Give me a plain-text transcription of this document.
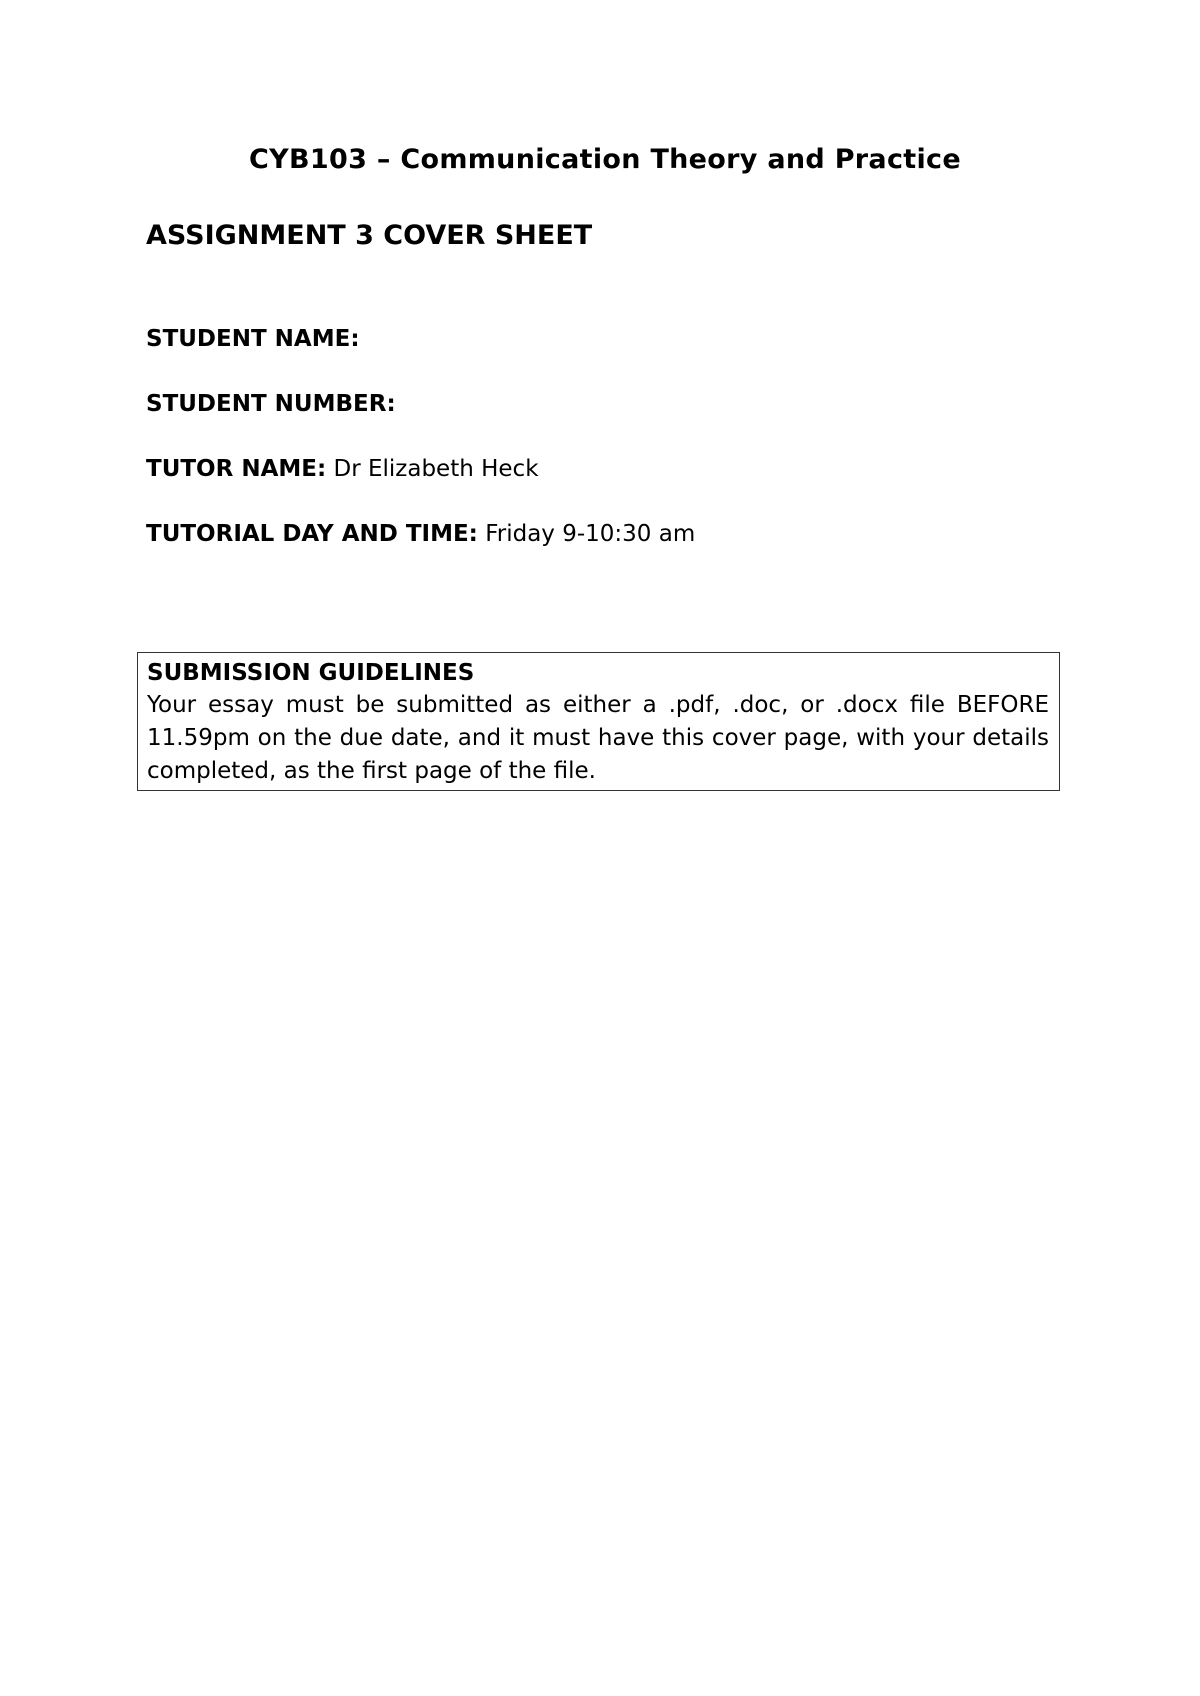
CYB103 – Communication Theory and Practice
ASSIGNMENT 3 COVER SHEET

STUDENT NAME:

STUDENT NUMBER:

TUTOR NAME: Dr Elizabeth Heck

TUTORIAL DAY AND TIME: Friday 9-10:30 am

SUBMISSION GUIDELINES

Your essay must be submitted as either a .pdf, .doc, or .docx file BEFORE 11.59pm on the due date, and it must have this cover page, with your details completed, as the first page of the file.
